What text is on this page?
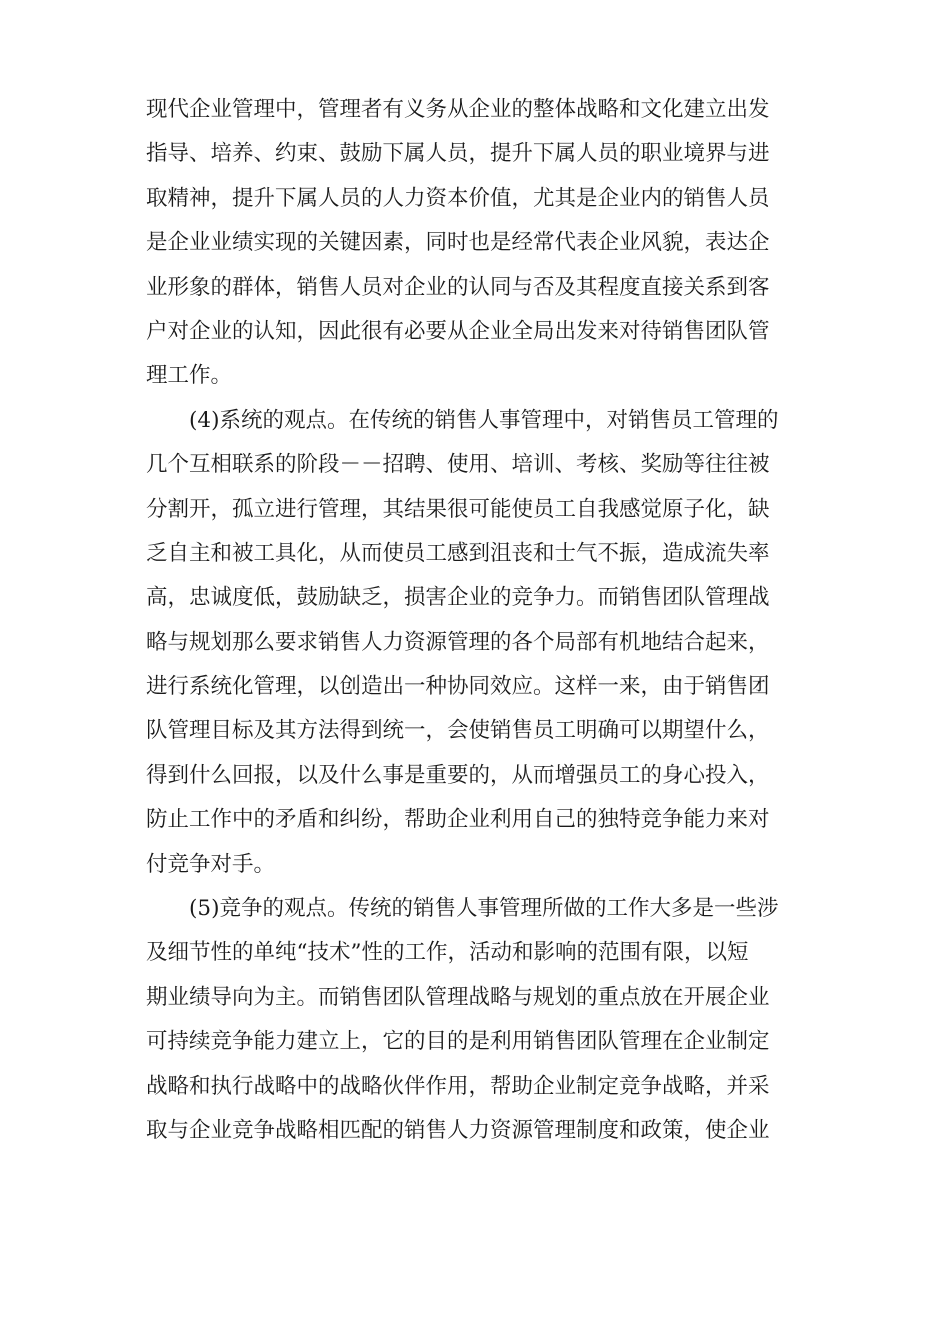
现代企业管理中，管理者有义务从企业的整体战略和文化建立出发
指导、培养、约束、鼓励下属人员，提升下属人员的职业境界与进
取精神，提升下属人员的人力资本价值，尤其是企业内的销售人员
是企业业绩实现的关键因素，同时也是经常代表企业风貌，表达企
业形象的群体，销售人员对企业的认同与否及其程度直接关系到客
户对企业的认知，因此很有必要从企业全局出发来对待销售团队管
理工作。

(4)系统的观点。在传统的销售人事管理中，对销售员工管理的
几个互相联系的阶段－－招聘、使用、培训、考核、奖励等往往被
分割开，孤立进行管理，其结果很可能使员工自我感觉原子化，缺
乏自主和被工具化，从而使员工感到沮丧和士气不振，造成流失率
高，忠诚度低，鼓励缺乏，损害企业的竞争力。而销售团队管理战
略与规划那么要求销售人力资源管理的各个局部有机地结合起来，
进行系统化管理，以创造出一种协同效应。这样一来，由于销售团
队管理目标及其方法得到统一，会使销售员工明确可以期望什么，
得到什么回报，以及什么事是重要的，从而增强员工的身心投入，
防止工作中的矛盾和纠纷，帮助企业利用自己的独特竞争能力来对
付竞争对手。

(5)竞争的观点。传统的销售人事管理所做的工作大多是一些涉
及细节性的单纯“技术”性的工作，活动和影响的范围有限，以短
期业绩导向为主。而销售团队管理战略与规划的重点放在开展企业
可持续竞争能力建立上，它的目的是利用销售团队管理在企业制定
战略和执行战略中的战略伙伴作用，帮助企业制定竞争战略，并采
取与企业竞争战略相匹配的销售人力资源管理制度和政策，使企业
